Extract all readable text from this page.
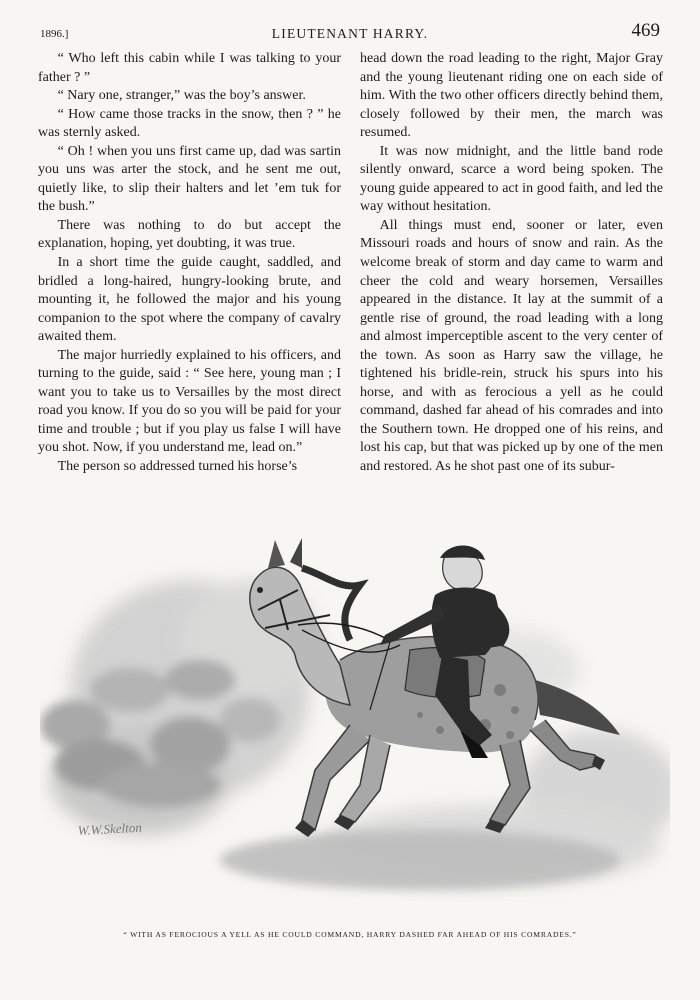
1896.]	LIEUTENANT HARRY.	469

“ Who left this cabin while I was talking to your father ? ”

“ Nary one, stranger,” was the boy’s answer.

“ How came those tracks in the snow, then ? ” he was sternly asked.

“ Oh ! when you uns first came up, dad was sartin you uns was arter the stock, and he sent me out, quietly like, to slip their halters and let ’em tuk for the bush.”

There was nothing to do but accept the explanation, hoping, yet doubting, it was true.

In a short time the guide caught, saddled, and bridled a long-haired, hungry-looking brute, and mounting it, he followed the major and his young companion to the spot where the company of cavalry awaited them.

The major hurriedly explained to his officers, and turning to the guide, said : “ See here, young man ; I want you to take us to Versailles by the most direct road you know. If you do so you will be paid for your time and trouble ; but if you play us false I will have you shot. Now, if you understand me, lead on.”

The person so addressed turned his horse’s

head down the road leading to the right, Major Gray and the young lieutenant riding one on each side of him. With the two other officers directly behind them, closely followed by their men, the march was resumed.

It was now midnight, and the little band rode silently onward, scarce a word being spoken. The young guide appeared to act in good faith, and led the way without hesitation.

All things must end, sooner or later, even Missouri roads and hours of snow and rain. As the welcome break of storm and day came to warm and cheer the cold and weary horsemen, Versailles appeared in the distance. It lay at the summit of a gentle rise of ground, the road leading with a long and almost imperceptible ascent to the very center of the town. As soon as Harry saw the village, he tightened his bridle-rein, struck his spurs into his horse, and with as ferocious a yell as he could command, dashed far ahead of his comrades and into the Southern town. He dropped one of his reins, and lost his cap, but that was picked up by one of the men and restored. As he shot past one of its subur-

W.W.Skelton
“ WITH AS FEROCIOUS A YELL AS HE COULD COMMAND, HARRY DASHED FAR AHEAD OF HIS COMRADES.”
